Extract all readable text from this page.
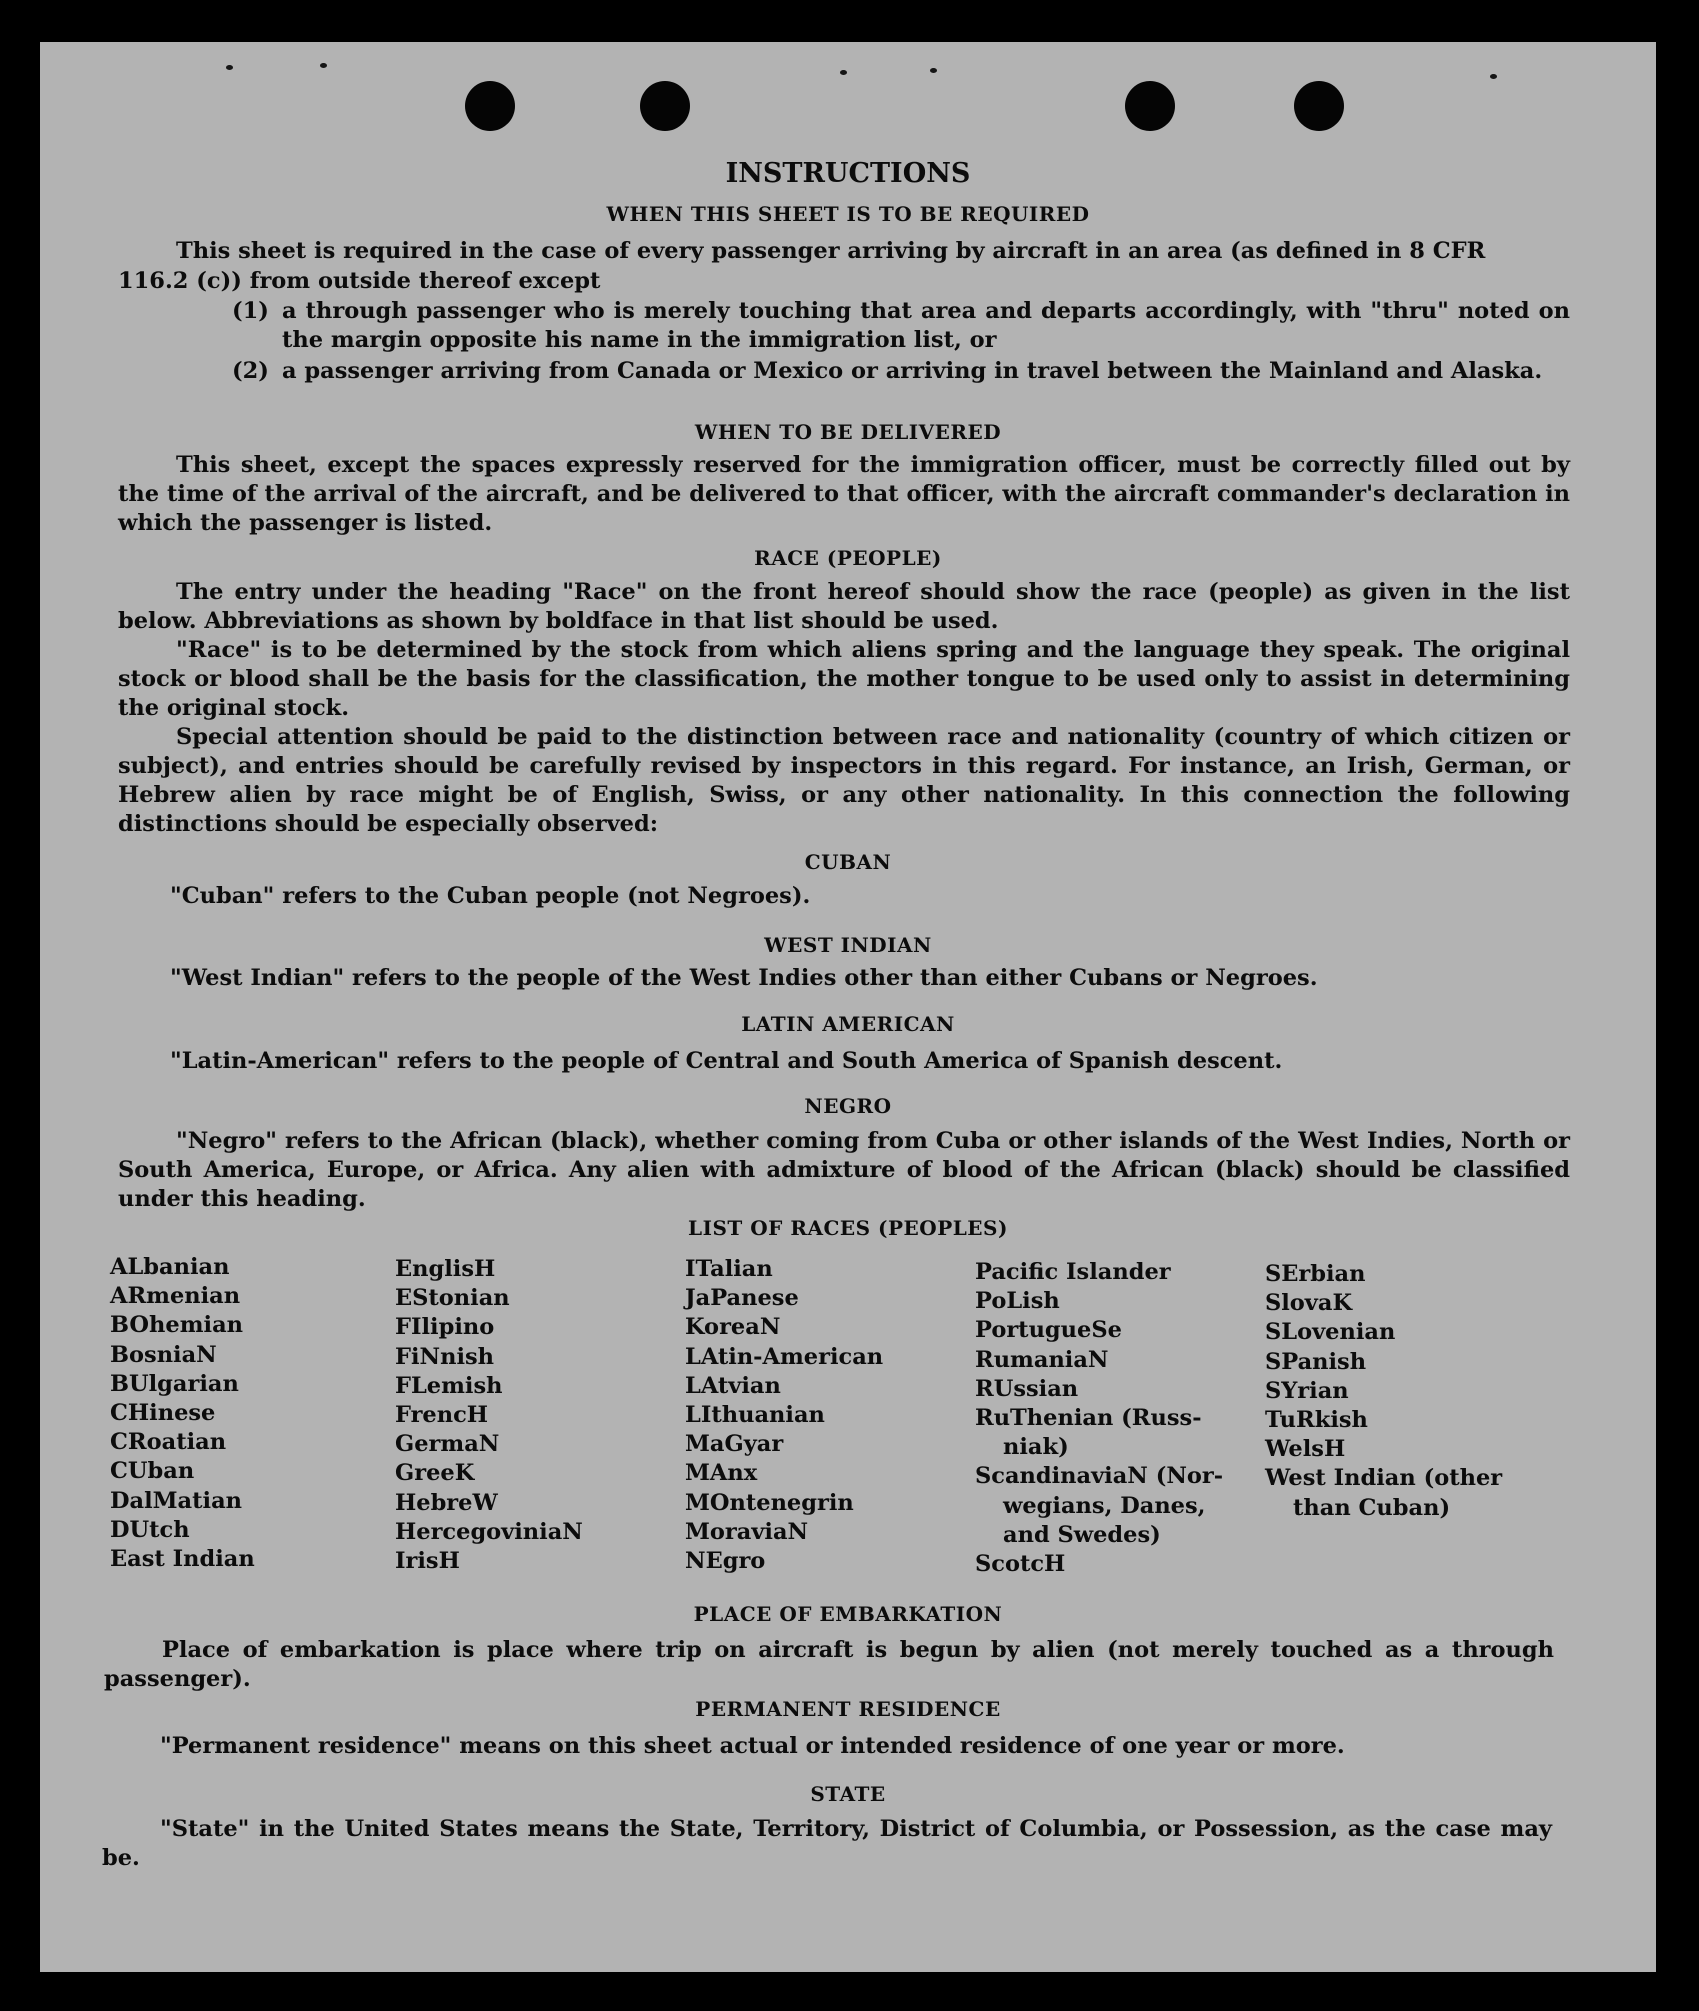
INSTRUCTIONS
WHEN THIS SHEET IS TO BE REQUIRED
This sheet is required in the case of every passenger arriving by aircraft in an area (as defined in 8 CFR
116.2 (c)) from outside thereof except
(1) a through passenger who is merely touching that area and departs accordingly, with "thru" noted on the margin opposite his name in the immigration list, or
(2) a passenger arriving from Canada or Mexico or arriving in travel between the Mainland and Alaska.
WHEN TO BE DELIVERED

This sheet, except the spaces expressly reserved for the immigration officer, must be correctly filled out by the time of the arrival of the aircraft, and be delivered to that officer, with the aircraft commander's declaration in which the passenger is listed.

RACE (PEOPLE)

The entry under the heading "Race" on the front hereof should show the race (people) as given in the list below. Abbreviations as shown by boldface in that list should be used.

"Race" is to be determined by the stock from which aliens spring and the language they speak. The original stock or blood shall be the basis for the classification, the mother tongue to be used only to assist in determining the original stock.

Special attention should be paid to the distinction between race and nationality (country of which citizen or subject), and entries should be carefully revised by inspectors in this regard. For instance, an Irish, German, or Hebrew alien by race might be of English, Swiss, or any other nationality. In this connection the following distinctions should be especially observed:

CUBAN
"Cuban" refers to the Cuban people (not Negroes).
WEST INDIAN
"West Indian" refers to the people of the West Indies other than either Cubans or Negroes.
LATIN AMERICAN
"Latin-American" refers to the people of Central and South America of Spanish descent.
NEGRO

"Negro" refers to the African (black), whether coming from Cuba or other islands of the West Indies, North or South America, Europe, or Africa. Any alien with admixture of blood of the African (black) should be classified under this heading.

LIST OF RACES (PEOPLES)
ALbanian
ARmenian
BOhemian
BosniaN
BUlgarian
CHinese
CRoatian
CUban
DalMatian
DUtch
East Indian
EnglisH
EStonian
FIlipino
FiNnish
FLemish
FrencH
GermaN
GreeK
HebreW
HercegoviniaN
IrisH
ITalian
JaPanese
KoreaN
LAtin-American
LAtvian
LIthuanian
MaGyar
MAnx
MOntenegrin
MoraviaN
NEgro
Pacific Islander
PoLish
PortugueSe
RumaniaN
RUssian
RuThenian (Russ-
niak)
ScandinaviaN (Nor-
wegians, Danes,
and Swedes)
ScotcH
SErbian
SlovaK
SLovenian
SPanish
SYrian
TuRkish
WelsH
West Indian (other
than Cuban)
PLACE OF EMBARKATION

Place of embarkation is place where trip on aircraft is begun by alien (not merely touched as a through passenger).

PERMANENT RESIDENCE
"Permanent residence" means on this sheet actual or intended residence of one year or more.
STATE

"State" in the United States means the State, Territory, District of Columbia, or Possession, as the case may be.
